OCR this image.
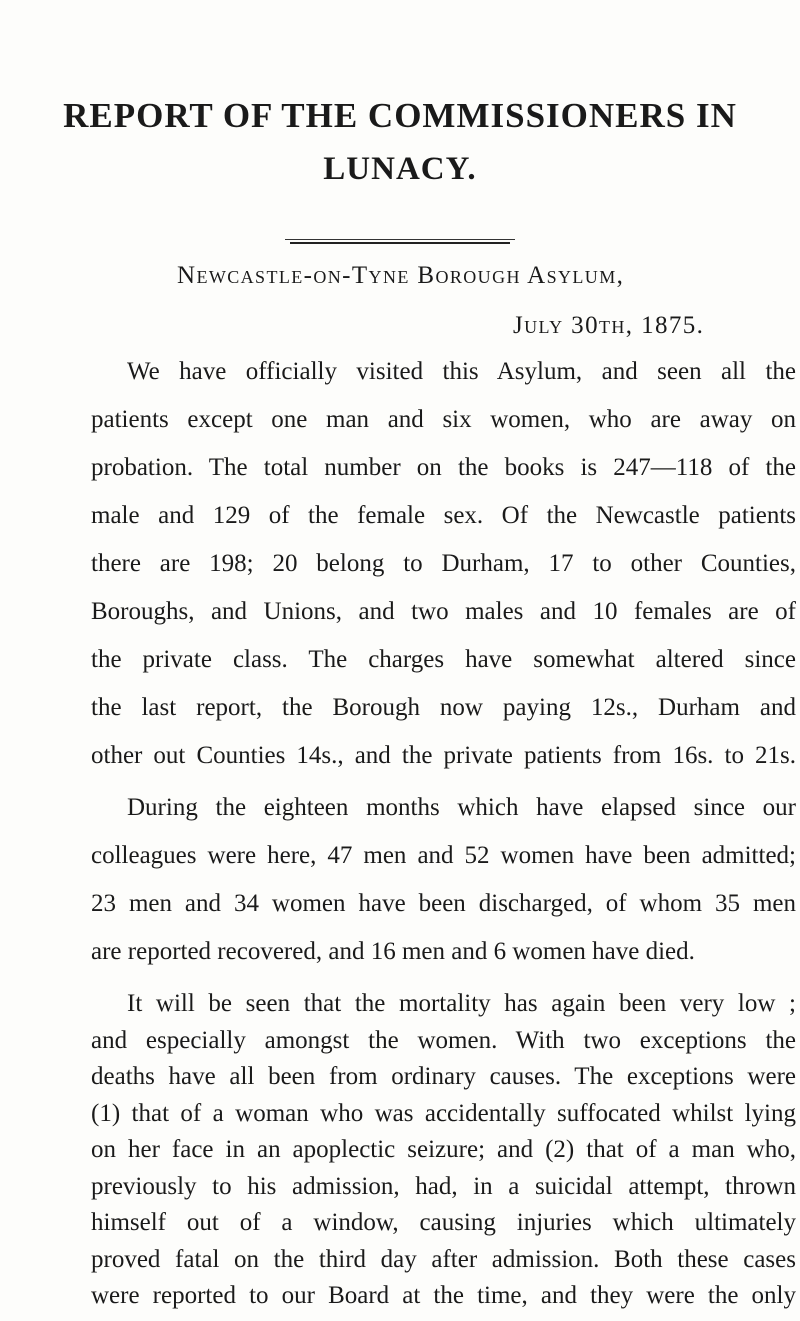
REPORT OF THE COMMISSIONERS IN
LUNACY.
Newcastle-on-Tyne Borough Asylum,
July 30th, 1875.
We have officially visited this Asylum, and seen all the
patients except one man and six women, who are away on
probation. The total number on the books is 247—118 of the
male and 129 of the female sex. Of the Newcastle patients
there are 198; 20 belong to Durham, 17 to other Counties,
Boroughs, and Unions, and two males and 10 females are of
the private class. The charges have somewhat altered since
the last report, the Borough now paying 12s., Durham and
other out Counties 14s., and the private patients from 16s. to 21s.
During the eighteen months which have elapsed since our
colleagues were here, 47 men and 52 women have been admitted;
23 men and 34 women have been discharged, of whom 35 men
are reported recovered, and 16 men and 6 women have died.
It will be seen that the mortality has again been very low ;
and especially amongst the women. With two exceptions the
deaths have all been from ordinary causes. The exceptions were
(1) that of a woman who was accidentally suffocated whilst lying
on her face in an apoplectic seizure; and (2) that of a man who,
previously to his admission, had, in a suicidal attempt, thrown
himself out of a window, causing injuries which ultimately
proved fatal on the third day after admission. Both these cases
were reported to our Board at the time, and they were the only
